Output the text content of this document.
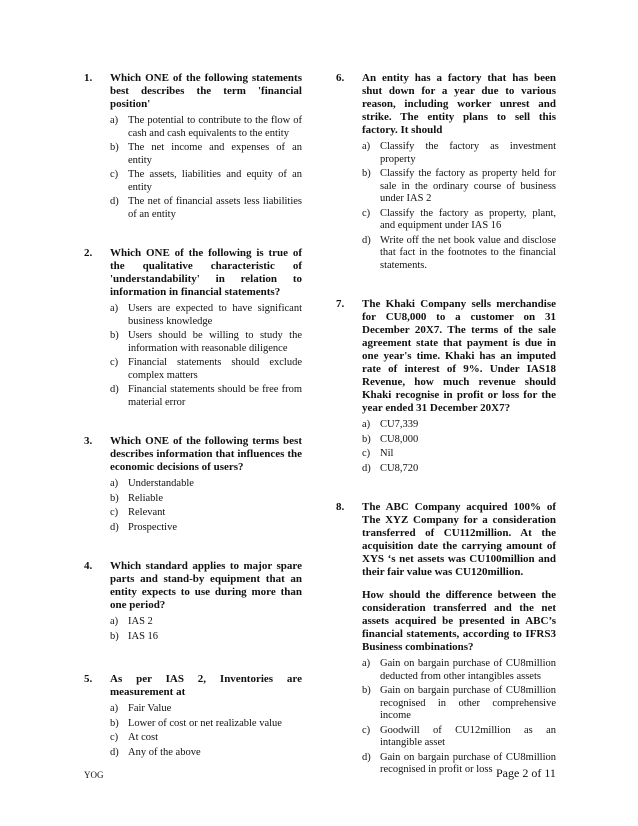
1. Which ONE of the following statements best describes the term 'financial position'
a) The potential to contribute to the flow of cash and cash equivalents to the entity
b) The net income and expenses of an entity
c) The assets, liabilities and equity of an entity
d) The net of financial assets less liabilities of an entity
2. Which ONE of the following is true of the qualitative characteristic of 'understandability' in relation to information in financial statements?
a) Users are expected to have significant business knowledge
b) Users should be willing to study the information with reasonable diligence
c) Financial statements should exclude complex matters
d) Financial statements should be free from material error
3. Which ONE of the following terms best describes information that influences the economic decisions of users?
a) Understandable
b) Reliable
c) Relevant
d) Prospective
4. Which standard applies to major spare parts and stand-by equipment that an entity expects to use during more than one period?
a) IAS 2
b) IAS 16
5. As per IAS 2, Inventories are measurement at
a) Fair Value
b) Lower of cost or net realizable value
c) At cost
d) Any of the above
6. An entity has a factory that has been shut down for a year due to various reason, including worker unrest and strike. The entity plans to sell this factory. It should
a) Classify the factory as investment property
b) Classify the factory as property held for sale in the ordinary course of business under IAS 2
c) Classify the factory as property, plant, and equipment under IAS 16
d) Write off the net book value and disclose that fact in the footnotes to the financial statements.
7. The Khaki Company sells merchandise for CU8,000 to a customer on 31 December 20X7. The terms of the sale agreement state that payment is due in one year's time. Khaki has an imputed rate of interest of 9%. Under IAS18 Revenue, how much revenue should Khaki recognise in profit or loss for the year ended 31 December 20X7?
a) CU7,339
b) CU8,000
c) Nil
d) CU8,720
8. The ABC Company acquired 100% of The XYZ Company for a consideration transferred of CU112million. At the acquisition date the carrying amount of XYS ‘s net assets was CU100million and their fair value was CU120million.
How should the difference between the consideration transferred and the net assets acquired be presented in ABC’s financial statements, according to IFRS3 Business combinations?
a) Gain on bargain purchase of CU8million deducted from other intangibles assets
b) Gain on bargain purchase of CU8million recognised in other comprehensive income
c) Goodwill of CU12million as an intangible asset
d) Gain on bargain purchase of CU8million recognised in profit or loss
YOG	Page 2 of 11
